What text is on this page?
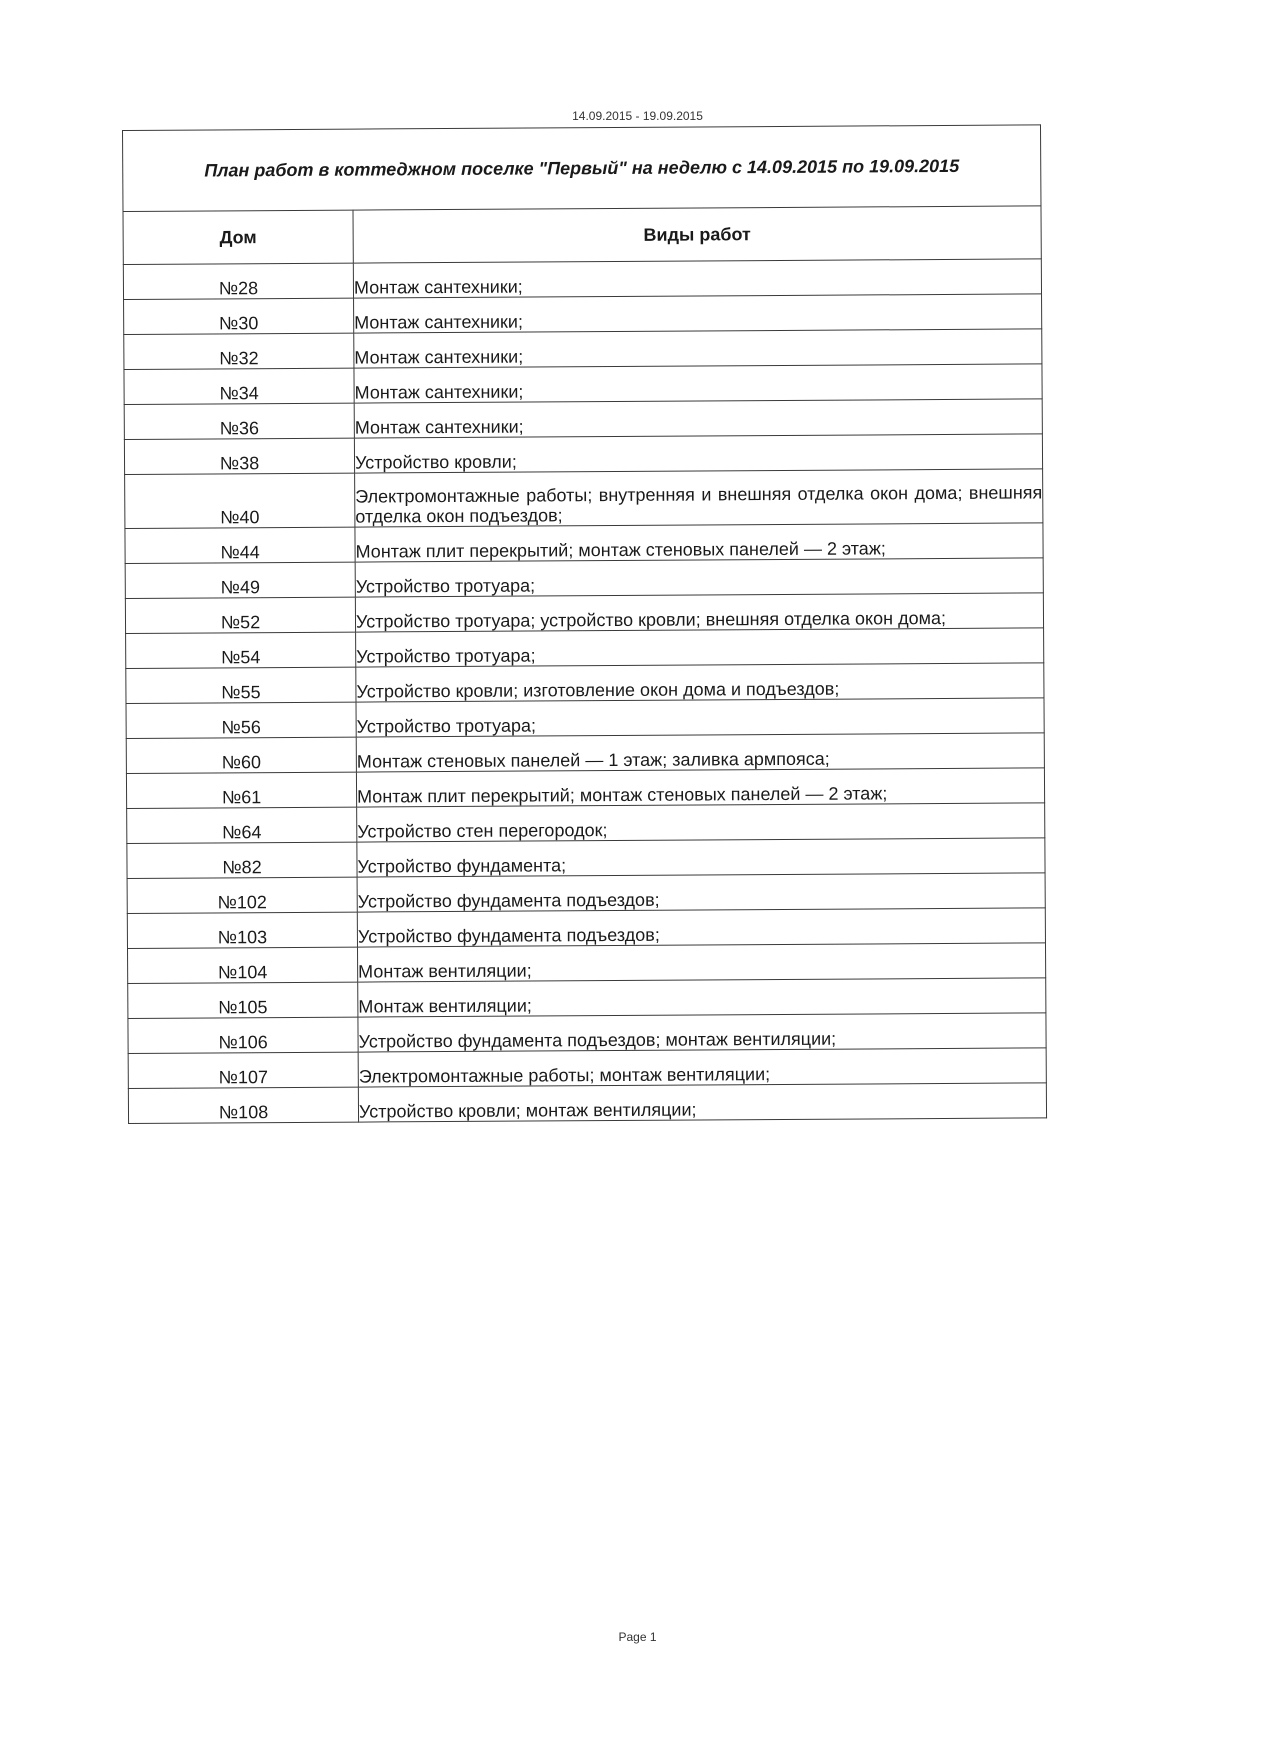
14.09.2015 - 19.09.2015
План работ в коттеджном поселке "Первый" на неделю с 14.09.2015 по 19.09.2015	
Дом	Виды работ
№28	Монтаж сантехники;
№30	Монтаж сантехники;
№32	Монтаж сантехники;
№34	Монтаж сантехники;
№36	Монтаж сантехники;
№38	Устройство кровли;
№40	Электромонтажные работы; внутренняя и внешняя отделка окон дома; внешняя отделка окон подъездов;
№44	Монтаж плит перекрытий; монтаж стеновых панелей — 2 этаж;
№49	Устройство тротуара;
№52	Устройство тротуара; устройство кровли; внешняя отделка окон дома;
№54	Устройство тротуара;
№55	Устройство кровли; изготовление окон дома и подъездов;
№56	Устройство тротуара;
№60	Монтаж стеновых панелей — 1 этаж; заливка армпояса;
№61	Монтаж плит перекрытий; монтаж стеновых панелей — 2 этаж;
№64	Устройство стен перегородок;
№82	Устройство фундамента;
№102	Устройство фундамента подъездов;
№103	Устройство фундамента подъездов;
№104	Монтаж вентиляции;
№105	Монтаж вентиляции;
№106	Устройство фундамента подъездов; монтаж вентиляции;
№107	Электромонтажные работы; монтаж вентиляции;
№108	Устройство кровли; монтаж вентиляции;
Page 1
